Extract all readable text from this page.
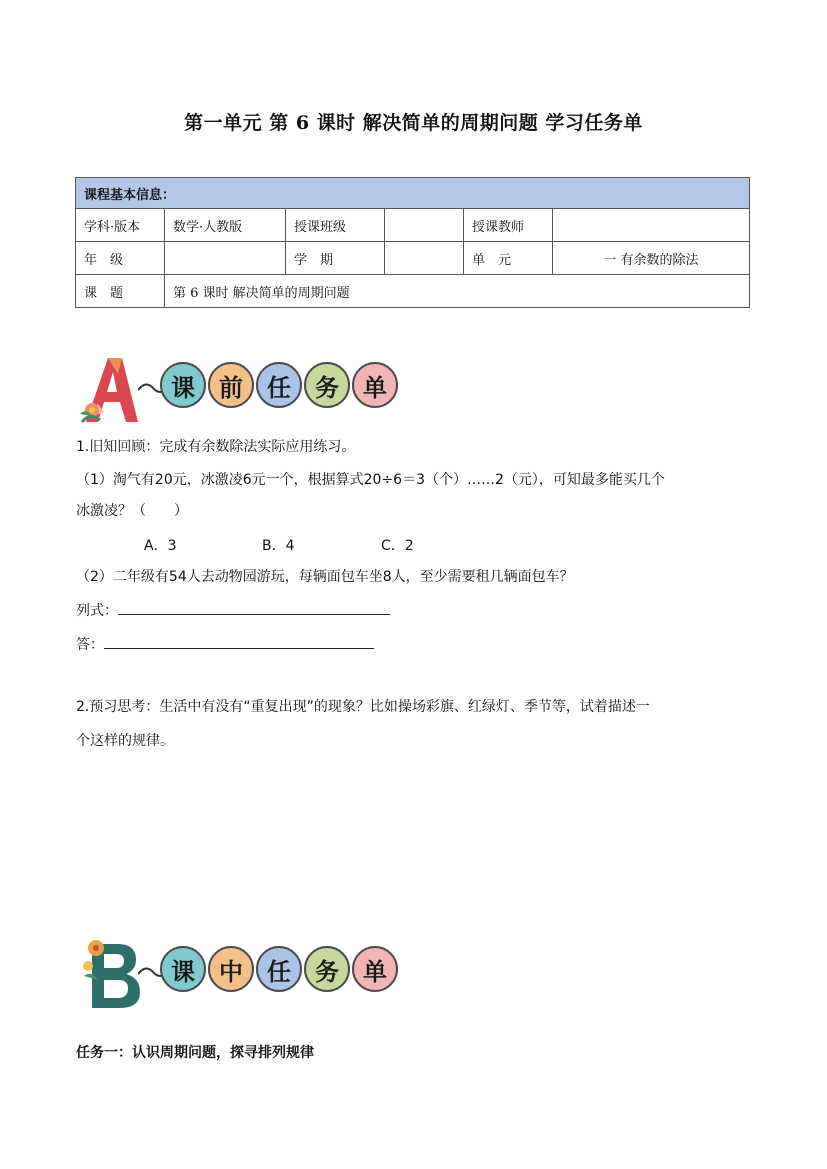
第一单元 第 6 课时 解决简单的周期问题 学习任务单
课程基本信息：					
学科·版本	数学·人教版	授课班级		授课教师	
年　级		学　期		单　元	一 有余数的除法
课　题	第 6 课时 解决简单的周期问题				
课	前	任	务	单
1.旧知回顾：完成有余数除法实际应用练习。
（1）淘气有20元，冰激凌6元一个，根据算式20÷6＝3（个）……2（元），可知最多能买几个
冰激凌？（　　）
A．3	B．4	C．2
（2）二年级有54人去动物园游玩，每辆面包车坐8人，至少需要租几辆面包车？
列式：
答：
2.预习思考：生活中有没有“重复出现”的现象？比如操场彩旗、红绿灯、季节等，试着描述一
个这样的规律。
课	中	任	务	单
任务一：认识周期问题，探寻排列规律
